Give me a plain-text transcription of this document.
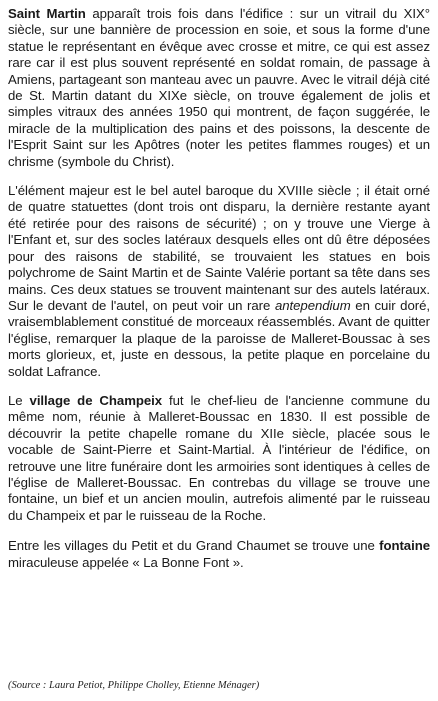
Saint Martin apparaît trois fois dans l'édifice : sur un vitrail du XIX° siècle, sur une bannière de procession en soie, et sous la forme d'une statue le représentant en évêque avec crosse et mitre, ce qui est assez rare car il est plus souvent représenté en soldat romain, de passage à Amiens, partageant son manteau avec un pauvre. Avec le vitrail déjà cité de St. Martin datant du XIXe siècle, on trouve également de jolis et simples vitraux des années 1950 qui montrent, de façon suggérée, le miracle de la multiplication des pains et des poissons, la descente de l'Esprit Saint sur les Apôtres (noter les petites flammes rouges) et un chrisme (symbole du Christ).

L'élément majeur est le bel autel baroque du XVIIIe siècle ; il était orné de quatre statuettes (dont trois ont disparu, la dernière restante ayant été retirée pour des raisons de sécurité) ; on y trouve une Vierge à l'Enfant et, sur des socles latéraux desquels elles ont dû être déposées pour des raisons de stabilité, se trouvaient les statues en bois polychrome de Saint Martin et de Sainte Valérie portant sa tête dans ses mains. Ces deux statues se trouvent maintenant sur des autels latéraux. Sur le devant de l'autel, on peut voir un rare antependium en cuir doré, vraisemblablement constitué de morceaux réassemblés. Avant de quitter l'église, remarquer la plaque de la paroisse de Malleret-Boussac à ses morts glorieux, et, juste en dessous, la petite plaque en porcelaine du soldat Lafrance.

Le village de Champeix fut le chef-lieu de l'ancienne commune du même nom, réunie à Malleret-Boussac en 1830. Il est possible de découvrir la petite chapelle romane du XIIe siècle, placée sous le vocable de Saint-Pierre et Saint-Martial. À l'intérieur de l'édifice, on retrouve une litre funéraire dont les armoiries sont identiques à celles de l'église de Malleret-Boussac. En contrebas du village se trouve une fontaine, un bief et un ancien moulin, autrefois alimenté par le ruisseau du Champeix et par le ruisseau de la Roche.

Entre les villages du Petit et du Grand Chaumet se trouve une fontaine miraculeuse appelée « La Bonne Font ».

(Source : Laura Petiot, Philippe Cholley, Etienne Ménager)
